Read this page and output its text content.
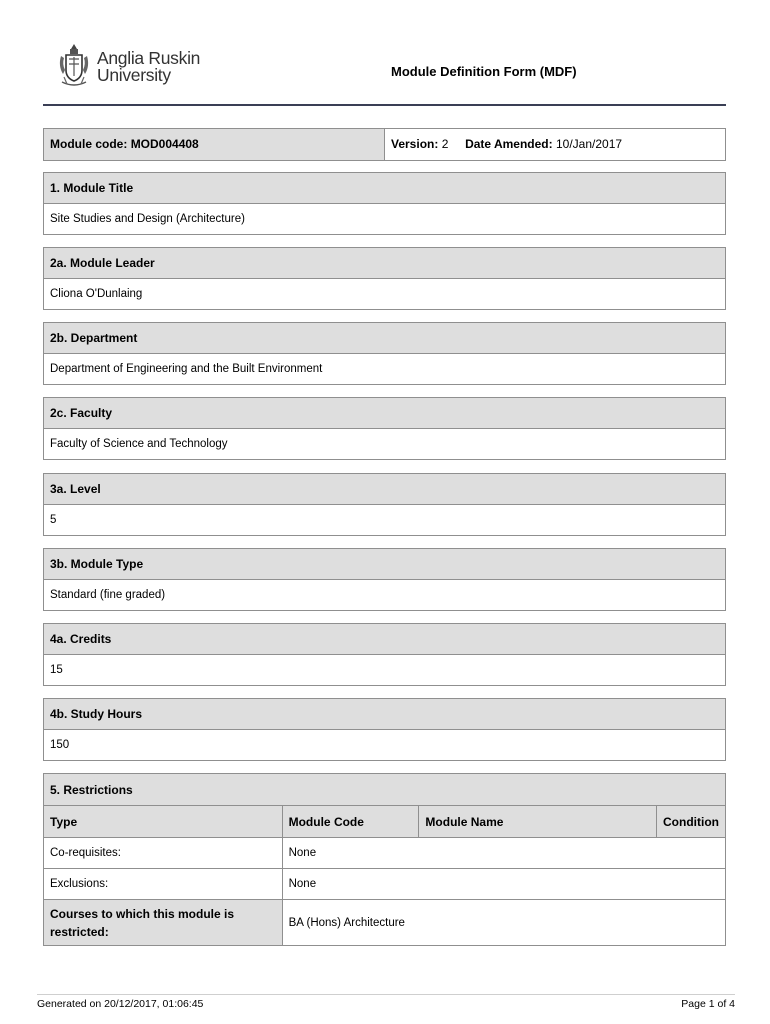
Anglia Ruskin
University	Module Definition Form (MDF)
Module code: MOD004408	Version: 2 Date Amended: 10/Jan/2017
1. Module Title
Site Studies and Design (Architecture)
2a. Module Leader
Cliona O'Dunlaing
2b. Department
Department of Engineering and the Built Environment
2c. Faculty
Faculty of Science and Technology
3a. Level
5
3b. Module Type
Standard (fine graded)
4a. Credits
15
4b. Study Hours
150
5. Restrictions			
Type	Module Code	Module Name	Condition
Co-requisites:	None		
Exclusions:	None		
Courses to which this module is restricted:	BA (Hons) Architecture		
Generated on 20/12/2017, 01:06:45	Page 1 of 4
